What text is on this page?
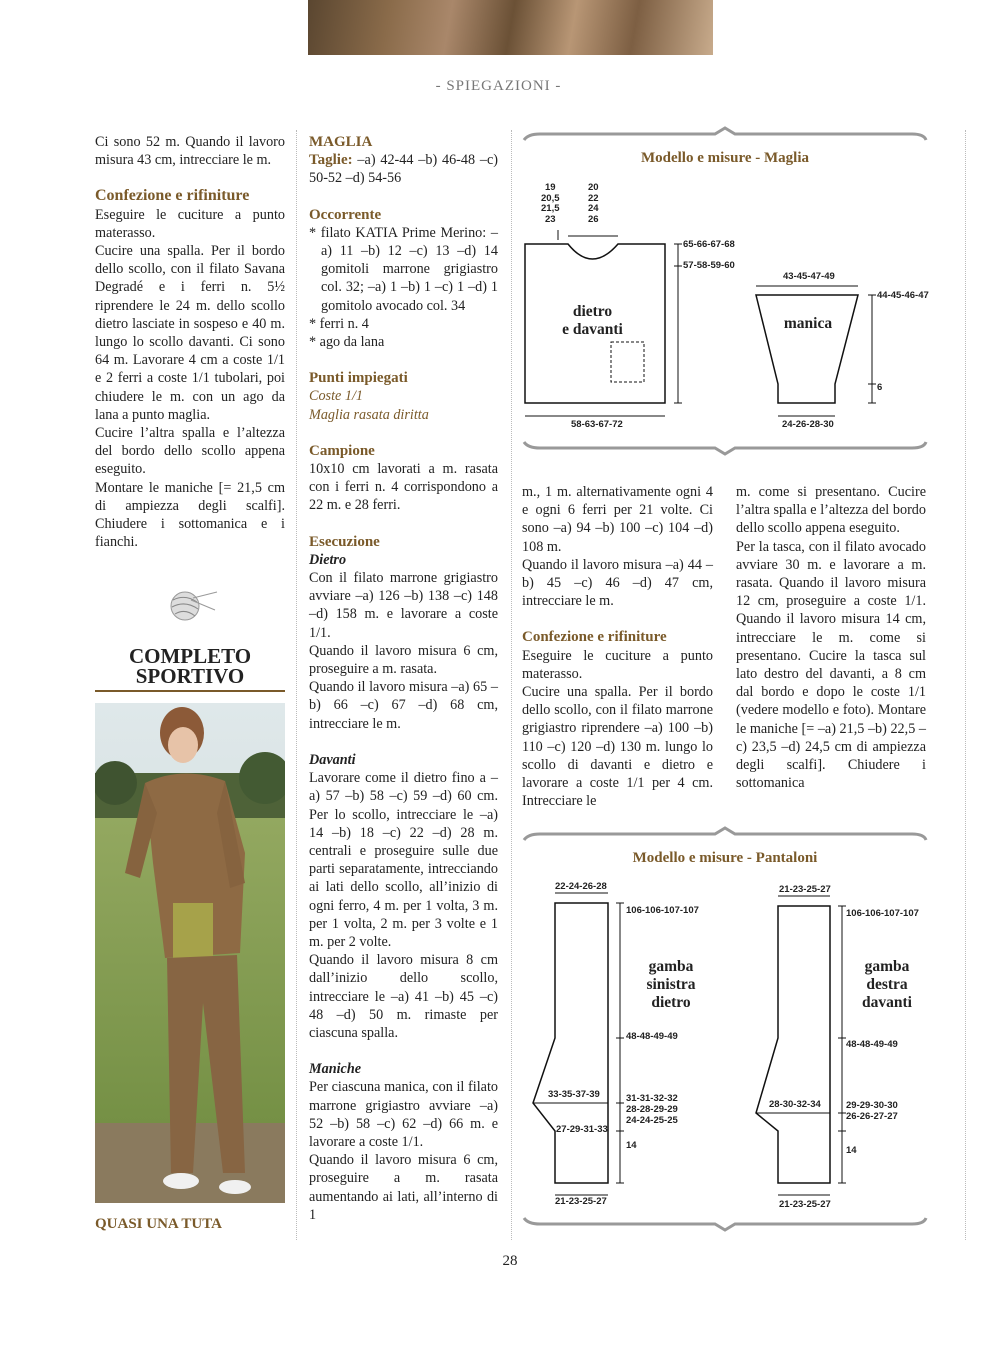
- SPIEGAZIONI -

Ci sono 52 m. Quando il lavoro misura 43 cm, intrecciare le m.

Confezione e rifiniture

Eseguire le cuciture a punto materasso.

Cucire una spalla. Per il bordo dello scollo, con il filato Savana Degradé e i ferri n. 5½ riprendere le 24 m. dello scollo dietro lasciate in sospeso e 40 m. lungo lo scollo davanti. Ci sono 64 m. Lavorare 4 cm a coste 1/1 e 2 ferri a coste 1/1 tubolari, poi chiudere le m. con un ago da lana a punto maglia.

Cucire l’altra spalla e l’altezza del bordo dello scollo appena eseguito.

Montare le maniche [= 21,5 cm di ampiezza degli scalfi]. Chiudere i sottomanica e i fianchi.

COMPLETO
SPORTIVO
QUASI UNA TUTA

MAGLIA

Taglie: –a) 42-44 –b) 46-48 –c) 50-52 –d) 54-56

Occorrente

* filato KATIA Prime Merino: –a) 11 –b) 12 –c) 13 –d) 14 gomitoli marrone grigiastro col. 32; –a) 1 –b) 1 –c) 1 –d) 1 gomitolo avocado col. 34

* ferri n. 4

* ago da lana

Punti impiegati

Coste 1/1

Maglia rasata diritta

Campione

10x10 cm lavorati a m. rasata con i ferri n. 4 corrispondono a 22 m. e 28 ferri.

Esecuzione

Dietro

Con il filato marrone grigiastro avviare –a) 126 –b) 138 –c) 148 –d) 158 m. e lavorare a coste 1/1.

Quando il lavoro misura 6 cm, proseguire a m. rasata.

Quando il lavoro misura –a) 65 –b) 66 –c) 67 –d) 68 cm, intrecciare le m.

Davanti

Lavorare come il dietro fino a –a) 57 –b) 58 –c) 59 –d) 60 cm. Per lo scollo, intrecciare le –a) 14 –b) 18 –c) 22 –d) 28 m. centrali e proseguire sulle due parti separatamente, intrecciando ai lati dello scollo, all’inizio di ogni ferro, 4 m. per 1 volta, 3 m. per 1 volta, 2 m. per 3 volte e 1 m. per 2 volte.

Quando il lavoro misura 8 cm dall’inizio dello scollo, intrecciare le –a) 41 –b) 45 –c) 48 –d) 50 m. rimaste per ciascuna spalla.

Maniche

Per ciascuna manica, con il filato marrone grigiastro avviare –a) 52 –b) 58 –c) 62 –d) 66 m. e lavorare a coste 1/1.

Quando il lavoro misura 6 cm, proseguire a m. rasata aumentando ai lati, all’interno di 1

Modello e misure - Maglia
19
20,5
21,5
23
20
22
24
26
65-66-67-68
57-58-59-60
58-63-67-72
dietro
e davanti
43-45-47-49
44-45-46-47
6
24-26-28-30
manica

m., 1 m. alternativamente ogni 4 e ogni 6 ferri per 21 volte. Ci sono –a) 94 –b) 100 –c) 104 –d) 108 m.

Quando il lavoro misura –a) 44 –b) 45 –c) 46 –d) 47 cm, intrecciare le m.

Confezione e rifiniture

Eseguire le cuciture a punto materasso.

Cucire una spalla. Per il bordo dello scollo, con il filato marrone grigiastro riprendere –a) 100 –b) 110 –c) 120 –d) 130 m. lungo lo scollo di davanti e dietro e lavorare a coste 1/1 per 4 cm. Intrecciare le

m. come si presentano. Cucire l’altra spalla e l’altezza del bordo dello scollo appena eseguito.

Per la tasca, con il filato avocado avviare 30 m. e lavorare a m. rasata. Quando il lavoro misura 12 cm, proseguire a coste 1/1. Quando il lavoro misura 14 cm, intrecciare le m. come si presentano. Cucire la tasca sul lato destro del davanti, a 8 cm dal bordo e dopo le coste 1/1 (vedere modello e foto). Montare le maniche [= –a) 21,5 –b) 22,5 –c) 23,5 –d) 24,5 cm di ampiezza degli scalfi]. Chiudere i sottomanica

Modello e misure - Pantaloni
22-24-26-28
106-106-107-107
gamba
sinistra
dietro
48-48-49-49
33-35-37-39
27-29-31-33
31-31-32-32
28-28-29-29
24-24-25-25
14
21-23-25-27
21-23-25-27
106-106-107-107
gamba
destra
davanti
48-48-49-49
28-30-32-34	29-29-30-30
26-26-27-27
14
21-23-25-27
28
